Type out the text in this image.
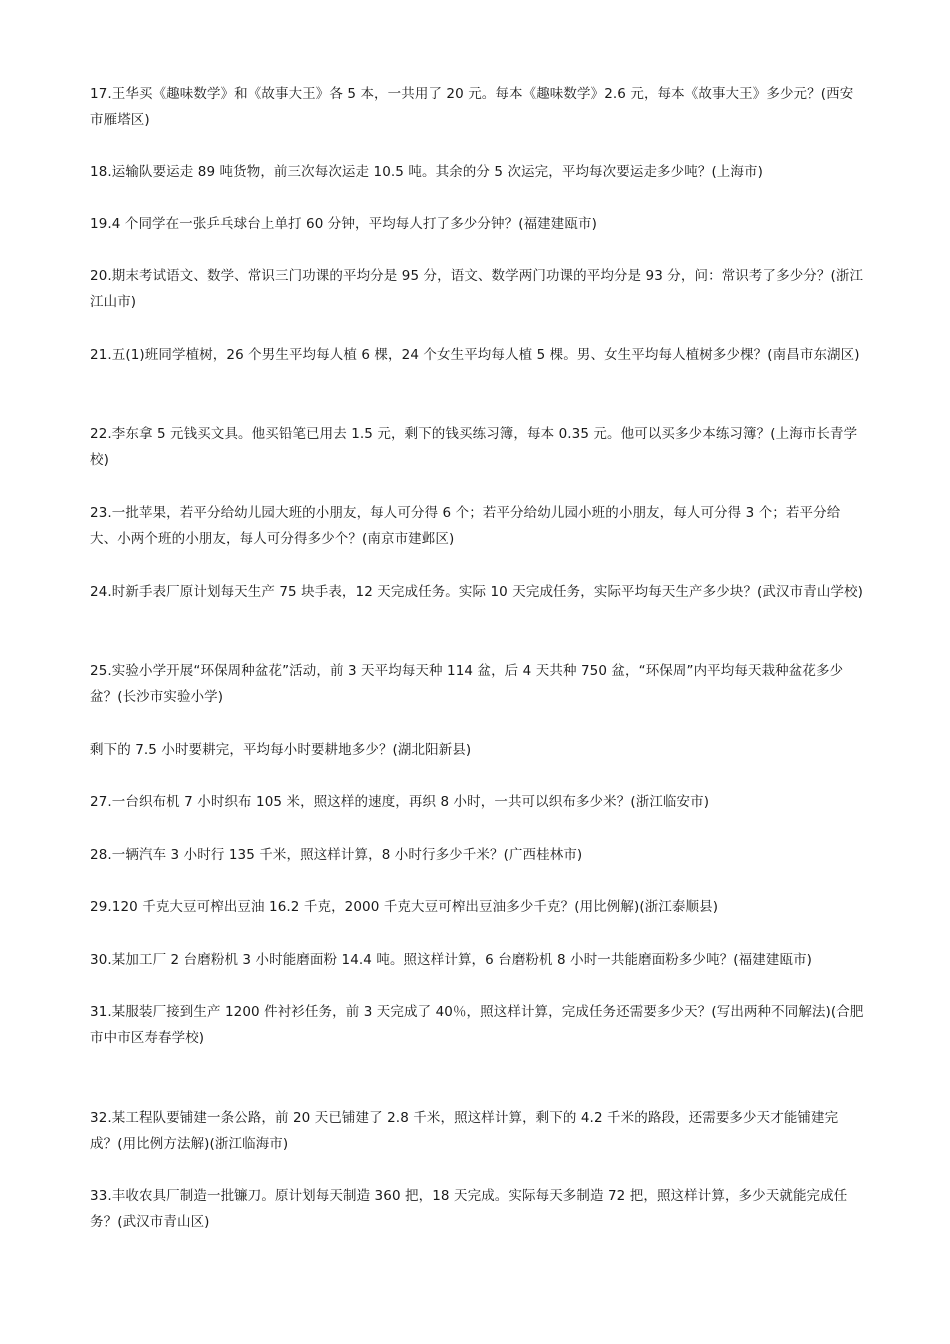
17.王华买《趣味数学》和《故事大王》各 5 本，一共用了 20 元。每本《趣味数学》2.6 元，每本《故事大王》多少元？(西安市雁塔区)
18.运输队要运走 89 吨货物，前三次每次运走 10.5 吨。其余的分 5 次运完，平均每次要运走多少吨？(上海市)
19.4 个同学在一张乒乓球台上单打 60 分钟，平均每人打了多少分钟？(福建建瓯市)
20.期末考试语文、数学、常识三门功课的平均分是 95 分，语文、数学两门功课的平均分是 93 分，问：常识考了多少分？(浙江江山市)
21.五(1)班同学植树，26 个男生平均每人植 6 棵，24 个女生平均每人植 5 棵。男、女生平均每人植树多少棵？(南昌市东湖区)
22.李东拿 5 元钱买文具。他买铅笔已用去 1.5 元，剩下的钱买练习簿，每本 0.35 元。他可以买多少本练习簿？(上海市长青学校)
23.一批苹果，若平分给幼儿园大班的小朋友，每人可分得 6 个；若平分给幼儿园小班的小朋友，每人可分得 3 个；若平分给大、小两个班的小朋友，每人可分得多少个？(南京市建邺区)
24.时新手表厂原计划每天生产 75 块手表，12 天完成任务。实际 10 天完成任务，实际平均每天生产多少块？(武汉市青山学校)
25.实验小学开展“环保周种盆花”活动，前 3 天平均每天种 114 盆，后 4 天共种 750 盆，“环保周”内平均每天栽种盆花多少盆？(长沙市实验小学)
剩下的 7.5 小时要耕完，平均每小时要耕地多少？(湖北阳新县)
27.一台织布机 7 小时织布 105 米，照这样的速度，再织 8 小时，一共可以织布多少米？(浙江临安市)
28.一辆汽车 3 小时行 135 千米，照这样计算，8 小时行多少千米？(广西桂林市)
29.120 千克大豆可榨出豆油 16.2 千克，2000 千克大豆可榨出豆油多少千克？(用比例解)(浙江泰顺县)
30.某加工厂 2 台磨粉机 3 小时能磨面粉 14.4 吨。照这样计算，6 台磨粉机 8 小时一共能磨面粉多少吨？(福建建瓯市)
31.某服装厂接到生产 1200 件衬衫任务，前 3 天完成了 40％，照这样计算，完成任务还需要多少天？(写出两种不同解法)(合肥市中市区寿春学校)
32.某工程队要铺建一条公路，前 20 天已铺建了 2.8 千米，照这样计算，剩下的 4.2 千米的路段，还需要多少天才能铺建完成？(用比例方法解)(浙江临海市)
33.丰收农具厂制造一批镰刀。原计划每天制造 360 把，18 天完成。实际每天多制造 72 把，照这样计算，多少天就能完成任务？(武汉市青山区)
